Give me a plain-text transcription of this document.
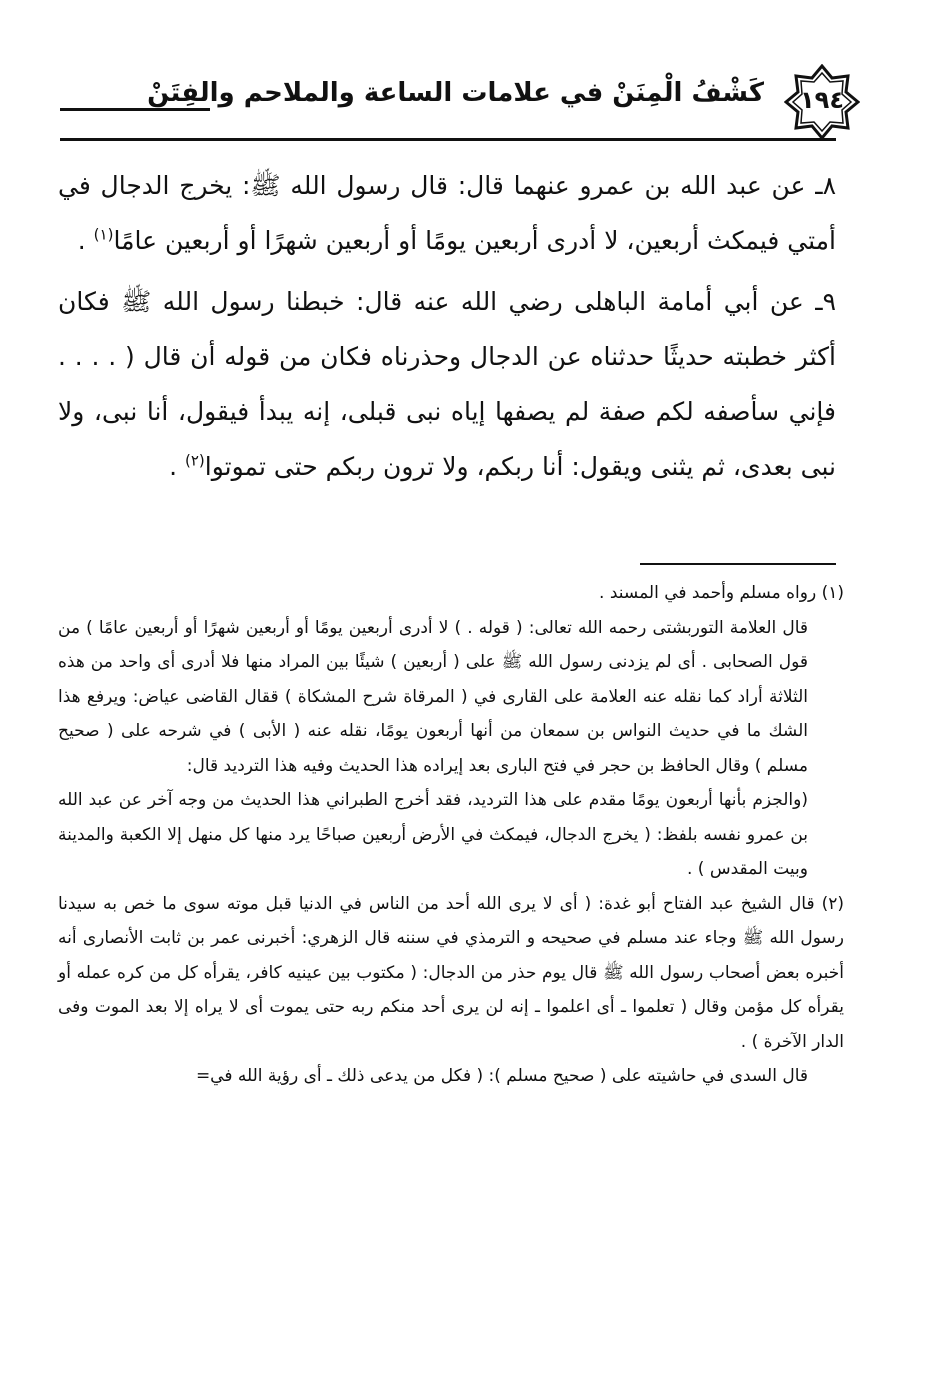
١٩٤
كَشْفُ الْمِنَنْ في علامات الساعة والملاحم والفِتَنْ

٨ـ عن عبد الله بن عمرو عنهما قال: قال رسول الله ﷺ: يخرج الدجال في أمتي فيمكث أربعين، لا أدرى أربعين يومًا أو أربعين شهرًا أو أربعين عامًا$^{(١)}$ .

٩ـ عن أبي أمامة الباهلى رضي الله عنه قال: خبطنا رسول الله ﷺ فكان أكثر خطبته حديثًا حدثناه عن الدجال وحذرناه فكان من قوله أن قال ( . . . . فإني سأصفه لكم صفة لم يصفها إياه نبى قبلى، إنه يبدأ فيقول، أنا نبى، ولا نبى بعدى، ثم يثنى ويقول: أنا ربكم، ولا ترون ربكم حتى تموتوا$^{(٢)}$ .

(١) رواه مسلم وأحمد في المسند .

قال العلامة التوربشتى رحمه الله تعالى: ( قوله . ) لا أدرى أربعين يومًا أو أربعين شهرًا أو أربعين عامًا ) من قول الصحابى . أى لم يزدنى رسول الله ﷺ على ( أربعين ) شيئًا بين المراد منها فلا أدرى أى واحد من هذه الثلاثة أراد كما نقله عنه العلامة على القارى في ( المرقاة شرح المشكاة ) ققال القاضى عياض: ويرفع هذا الشك ما في حديث النواس بن سمعان من أنها أربعون يومًا، نقله عنه ( الأبى ) في شرحه على ( صحيح مسلم ) وقال الحافظ بن حجر في فتح البارى بعد إيراده هذا الحديث وفيه هذا الترديد قال:

(والجزم بأنها أربعون يومًا مقدم على هذا الترديد، فقد أخرج الطبراني هذا الحديث من وجه آخر عن عبد الله بن عمرو نفسه بلفظ: ( يخرج الدجال، فيمكث في الأرض أربعين صباحًا يرد منها كل منهل إلا الكعبة والمدينة وبيت المقدس ) .

(٢) قال الشيخ عبد الفتاح أبو غدة: ( أى لا يرى الله أحد من الناس في الدنيا قبل موته سوى ما خص به سيدنا رسول الله ﷺ وجاء عند مسلم في صحيحه و الترمذي في سننه قال الزهري: أخبرنى عمر بن ثابت الأنصارى أنه أخبره بعض أصحاب رسول الله ﷺ قال يوم حذر من الدجال: ( مكتوب بين عينيه كافر، يقرأه كل من كره عمله أو يقرأه كل مؤمن وقال ( تعلموا ـ أى اعلموا ـ إنه لن يرى أحد منكم ربه حتى يموت أى لا يراه إلا بعد الموت وفى الدار الآخرة ) .

قال السدى في حاشيته على ( صحيح مسلم ): ( فكل من يدعى ذلك ـ أى رؤية الله في=
